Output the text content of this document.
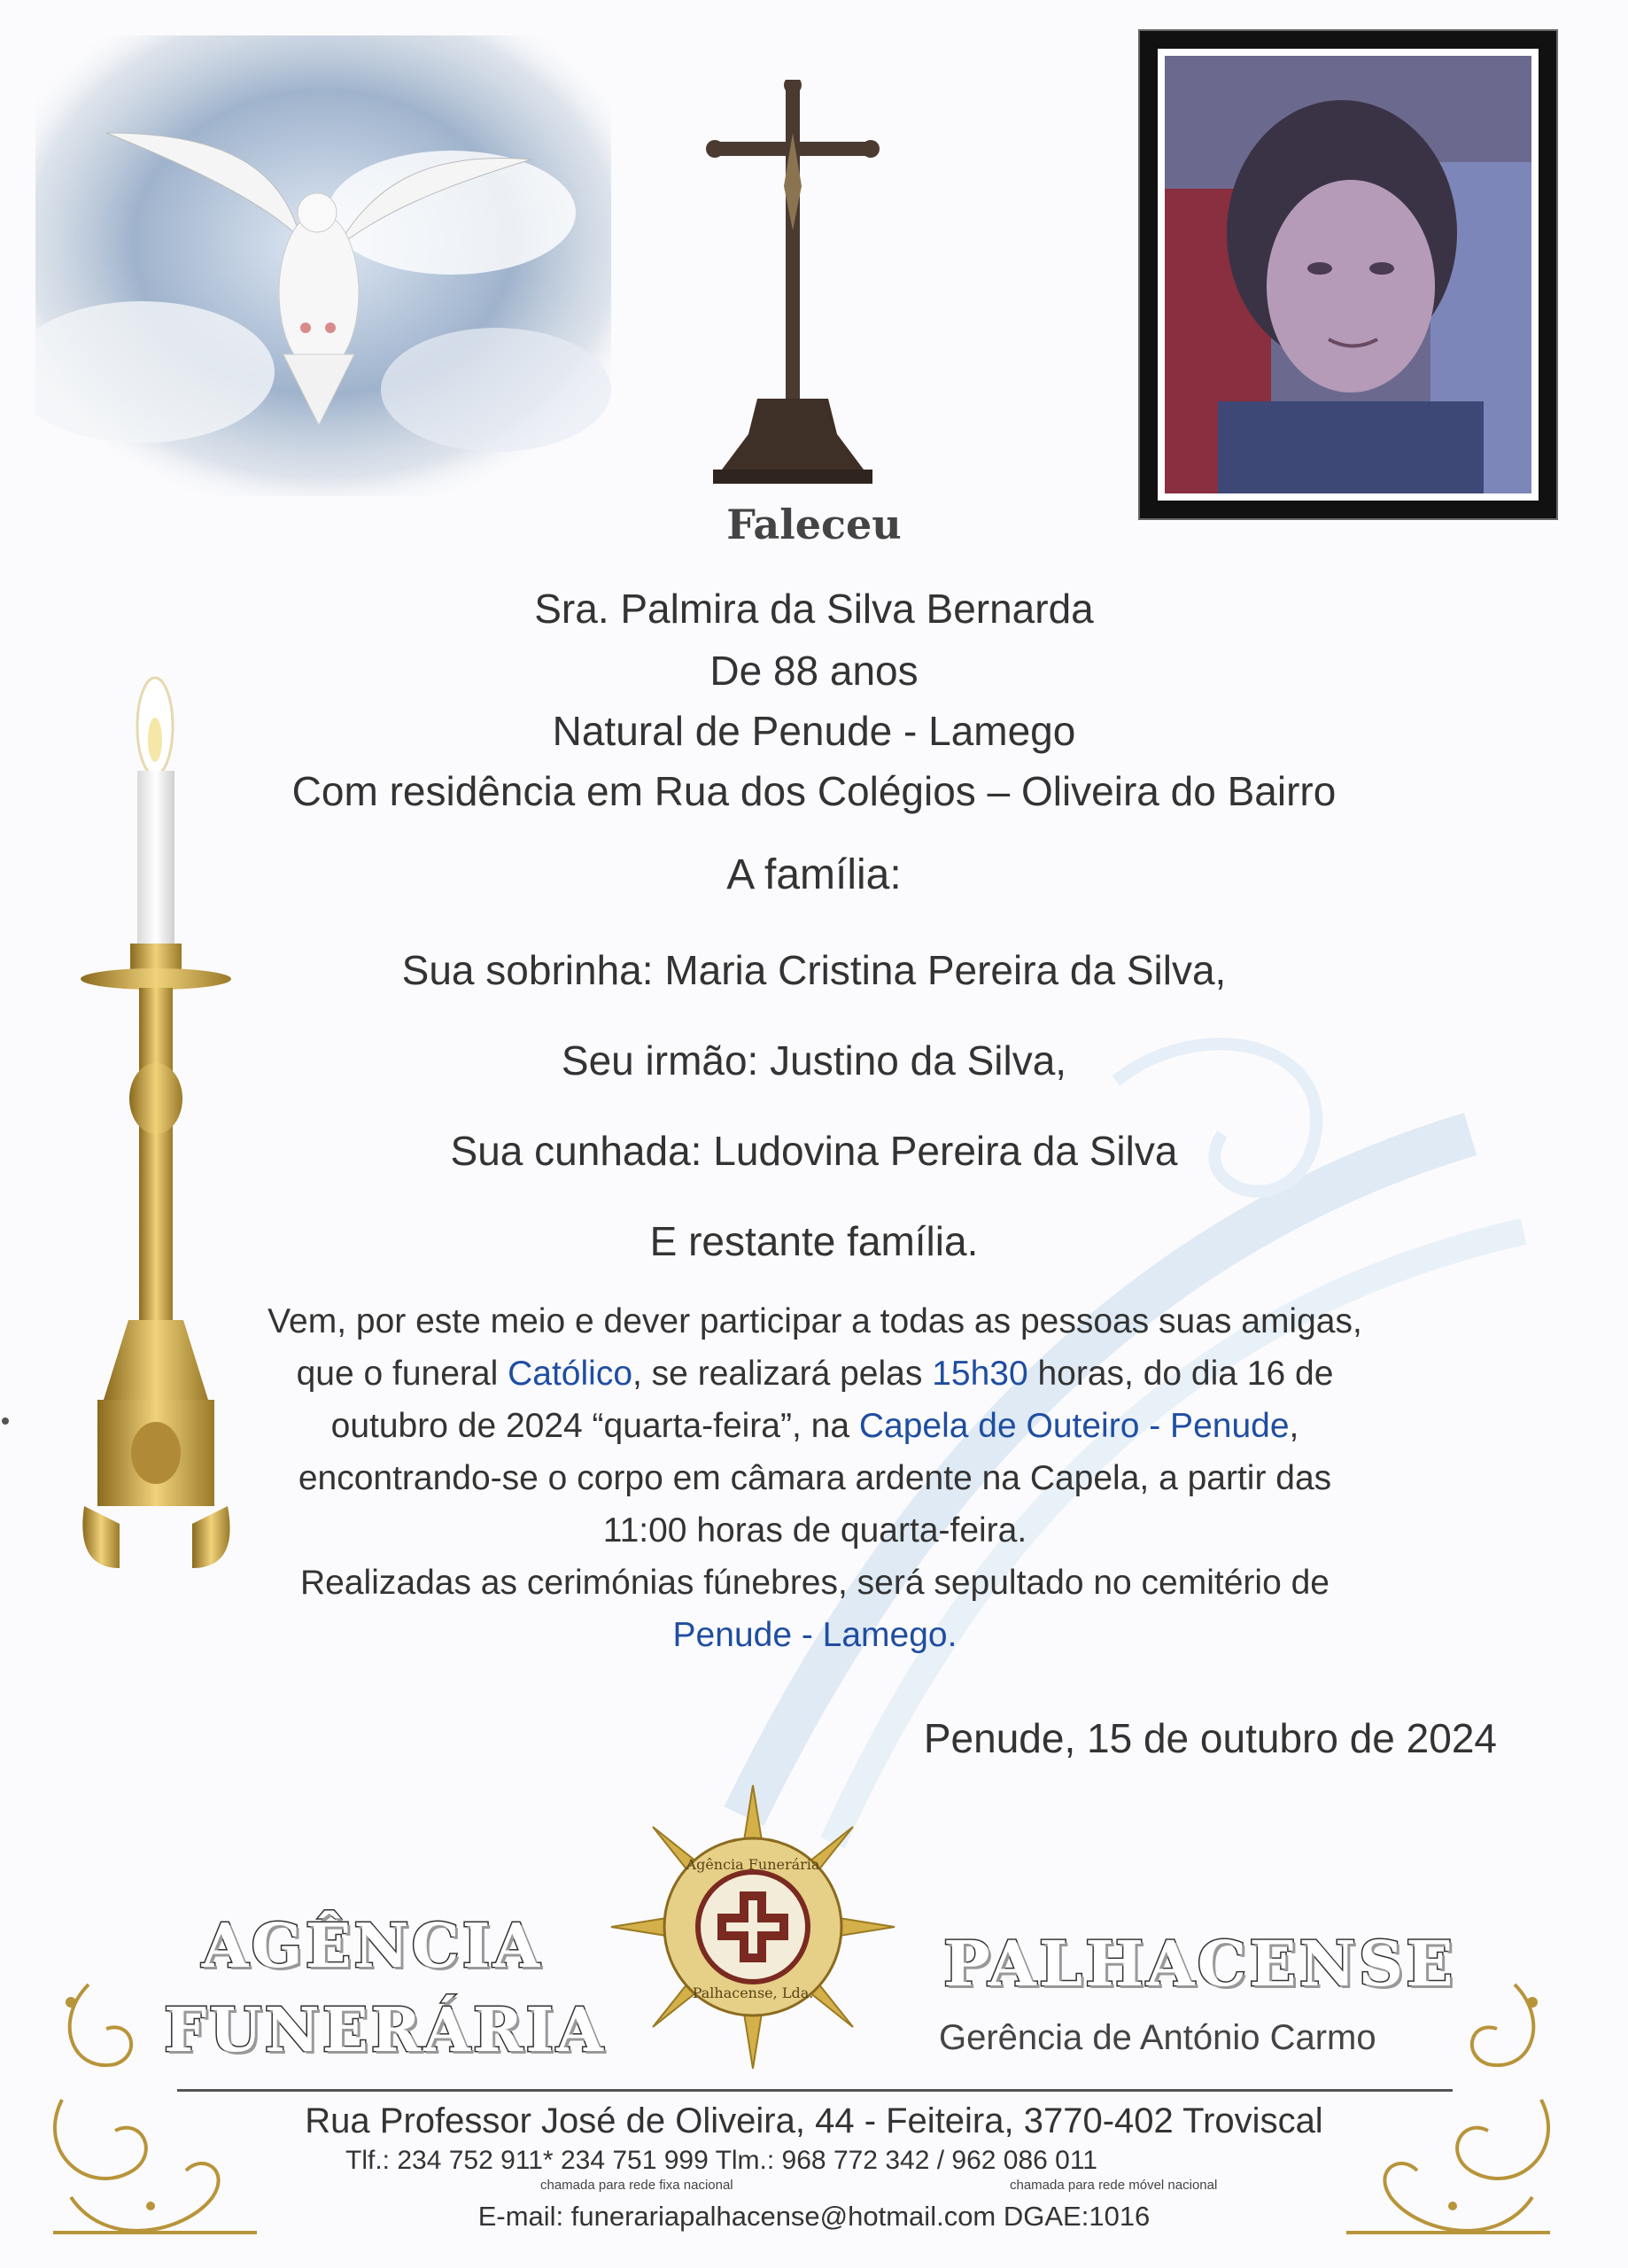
Faleceu
Sra. Palmira da Silva Bernarda
De 88 anos
Natural de Penude - Lamego
Com residência em Rua dos Colégios – Oliveira do Bairro
A família:
Sua sobrinha: Maria Cristina Pereira da Silva,
Seu irmão: Justino da Silva,
Sua cunhada: Ludovina Pereira da Silva
E restante família.
Vem, por este meio e dever participar a todas as pessoas suas amigas, que o funeral Católico, se realizará pelas 15h30 horas, do dia 16 de outubro de 2024 “quarta-feira”, na Capela de Outeiro - Penude, encontrando-se o corpo em câmara ardente na Capela, a partir das 11:00 horas de quarta-feira.
Realizadas as cerimónias fúnebres, será sepultado no cemitério de Penude - Lamego.
Penude, 15 de outubro de 2024
AGÊNCIA
FUNERÁRIA
Agência Funerária
Palhacense, Lda. PALHACENSE
Gerência de António Carmo
Rua Professor José de Oliveira, 44 - Feiteira, 3770-402 Troviscal
Tlf.: 234 752 911* 234 751 999 Tlm.: 968 772 342 / 962 086 011
chamada para rede fixa nacional	chamada para rede móvel nacional
E-mail: funerariapalhacense@hotmail.com DGAE:1016
